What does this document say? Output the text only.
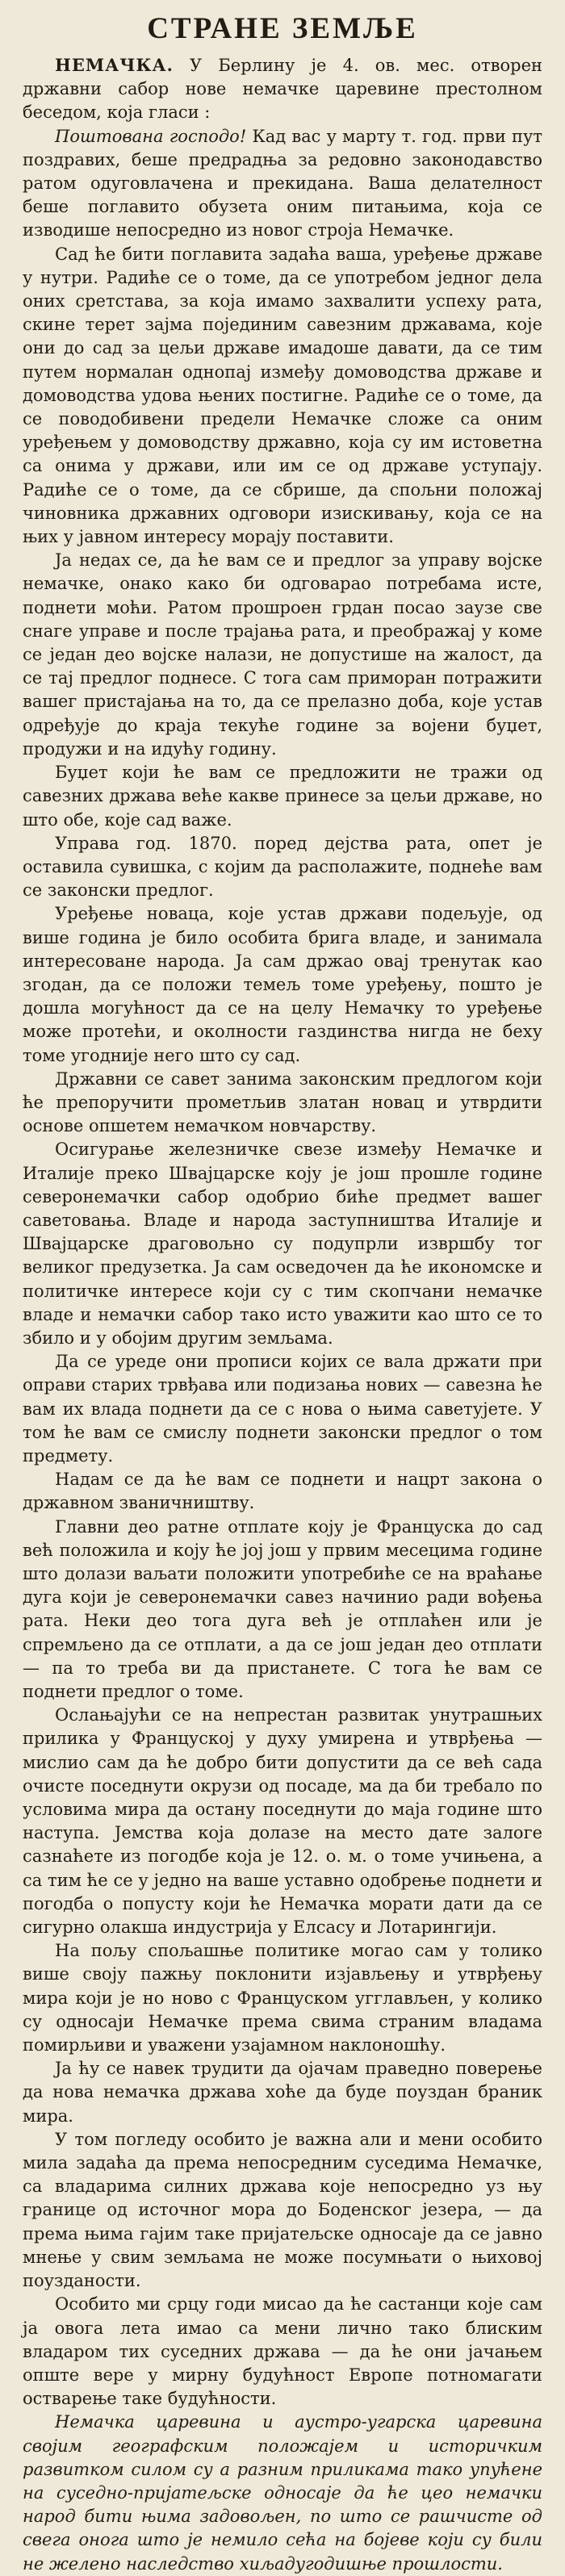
СТРАНЕ ЗЕМЉЕ

НЕМАЧКА. У Берлину је 4. ов. мес. отворен државни сабор нове немачке царевине престолном беседом, која гласи :

Поштована господо! Кад вас у марту т. год. први пут поздравих, беше предрадња за редовно законодавство ратом одуговлачена и прекидана. Ваша делателност беше поглавито обузета оним питањима, која се изводише непосредно из новог строја Немачке.

Сад ће бити поглавита задаћа ваша, уређење државе у нутри. Радиће се о томе, да се употребом једног дела оних сретстава, за која имамо захвалити успеху рата, скине терет зајма појединим савезним државама, које они до сад за цељи државе имадоше давати, да се тим путем нормалан однопај између домоводства државе и домоводства удова њених постигне. Радиће се о томе, да се поводобивени предели Немачке сложе са оним уређењем у домоводству државно, која су им истоветна са онима у држави, или им се од државе уступају. Радиће се о томе, да се сбрише, да спољни положај чиновника државних одговори изискивању, која се на њих у јавном интересу морају поставити.

Ја недах се, да ће вам се и предлог за управу војске немачке, онако како би одговарао потребама исте, поднети моћи. Ратом прошроен грдан посао заузе све снаге управе и после трајања рата, и преображај у коме се један део војске налази, не допустише на жалост, да се тај предлог поднесе. С тога сам приморан потражити вашег пристајања на то, да се прелазно доба, које устав одређује до краја текуће године за војени буџет, продужи и на идућу годину.

Буџет који ће вам се предложити не тражи од савезних држава веће какве принесе за цељи државе, но што обе, које сад важе.

Управа год. 1870. поред дејства рата, опет је оставила сувишка, с којим да располажите, поднеће вам се законски предлог.

Уређење новаца, које устав држави подељује, од више година је било особита брига владе, и занимала интересоване народа. Ја сам држао овај тренутак као згодан, да се положи темељ томе уређењу, пошто је дошла могућност да се на целу Немачку то уређење може протећи, и околности газдинства нигда не беху томе угодније него што су сад.

Државни се савет занима законским предлогом који ће препоручити прометљив златан новац и утврдити основе опшетем немачком новчарству.

Осигурање железничке свезе између Немачке и Италије преко Швајцарске коју је још прошле године северонемачки сабор одобрио биће предмет вашег саветовања. Владе и народа заступништва Италије и Швајцарске драговољно су подупрли извршбу тог великог предузетка. Ја сам осведочен да ће икономске и политичке интересе који су с тим скопчани немачке владе и немачки сабор тако исто уважити као што се то збило и у обојим другим земљама.

Да се уреде они прописи којих се вала држати при оправи старих трвђава или подизања нових — савезна ће вам их влада поднети да се с нова о њима саветујете. У том ће вам се смислу поднети законски предлог о том предмету.

Надам се да ће вам се поднети и нацрт закона о државном званичништву.

Главни део ратне отплате коју је Француска до сад већ положила и коју ће јој још у првим месецима године што долази ваљати положити употребиће се на враћање дуга који је северонемачки савез начинио ради вођења рата. Неки део тога дуга већ је отплаћен или је спремљено да се отплати, а да се још један део отплати — па то треба ви да пристанете. С тога ће вам се поднети предлог о томе.

Ослањајући се на непрестан развитак унутрашњих прилика у Француској у духу умирена и утврђења — мислио сам да ће добро бити допустити да се већ сада очисте поседнути окрузи од посаде, ма да би требало по условима мира да остану поседнути до маја године што наступа. Јемства која долазе на место дате залоге сазнаћете из погодбе која је 12. о. м. о томе учињена, а са тим ће се у једно на ваше уставно одобрење поднети и погодба о попусту који ће Немачка морати дати да се сигурно олакша индустрија у Елсасу и Лотарингији.

На пољу спољашње политике могао сам у толико више своју пажњу поклонити изјављењу и утврђењу мира који је но ново с Француском угглављен, у колико су односаји Немачке према свима страним владама помирљиви и уважени узајамном наклоношћу.

Ја ћу се навек трудити да ојачам праведно поверење да нова немачка држава хоће да буде поуздан браник мира.

У том погледу особито је важна али и мени особито мила задаћа да према непосредним суседима Немачке, са владарима силних држава које непосредно уз њу границе од источног мора до Боденског језера, — да према њима гајим таке пријатељске односаје да се јавно мнење у свим земљама не може посумњати о њиховој поузданости.

Особито ми срцу годи мисао да ће састанци које сам ја овога лета имао са мени лично тако блиским владаром тих суседних држава — да ће они јачањем опште вере у мирну будућност Европе потномагати остварење таке будућности.

Немачка царевина и аустро-угарска царевина својим географским положајем и историчким развитком силом су а разним приликама тако упућене на суседно-пријатељске односаје да ће цео немачки народ бити њима задовољен, по што се рашчисте од свега онога што је немило сећа на бојеве који су били не желено наследство хиљадугодишње прошлости.
